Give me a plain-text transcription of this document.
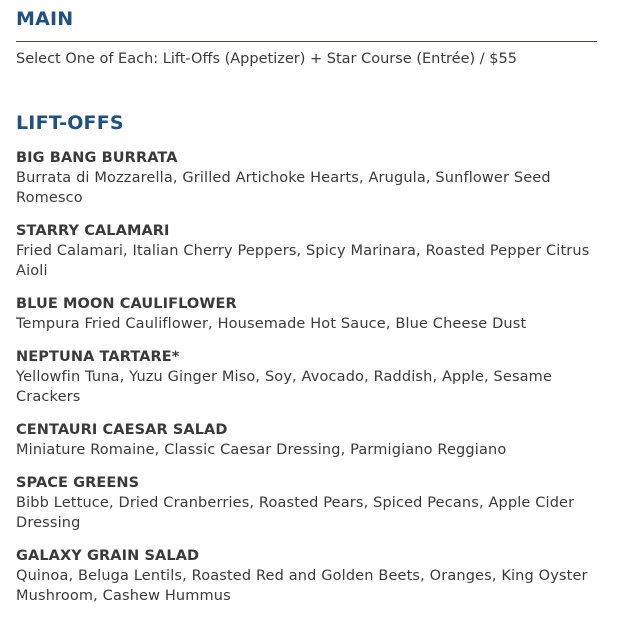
MAIN
Select One of Each: Lift-Offs (Appetizer) + Star Course (Entrée) / $55
LIFT-OFFS
BIG BANG BURRATA
Burrata di Mozzarella, Grilled Artichoke Hearts, Arugula, Sunflower Seed Romesco
STARRY CALAMARI
Fried Calamari, Italian Cherry Peppers, Spicy Marinara, Roasted Pepper Citrus Aioli
BLUE MOON CAULIFLOWER
Tempura Fried Cauliflower, Housemade Hot Sauce, Blue Cheese Dust
NEPTUNA TARTARE*
Yellowfin Tuna, Yuzu Ginger Miso, Soy, Avocado, Raddish, Apple, Sesame Crackers
CENTAURI CAESAR SALAD
Miniature Romaine, Classic Caesar Dressing, Parmigiano Reggiano
SPACE GREENS
Bibb Lettuce, Dried Cranberries, Roasted Pears, Spiced Pecans, Apple Cider Dressing
GALAXY GRAIN SALAD
Quinoa, Beluga Lentils, Roasted Red and Golden Beets, Oranges, King Oyster Mushroom, Cashew Hummus
